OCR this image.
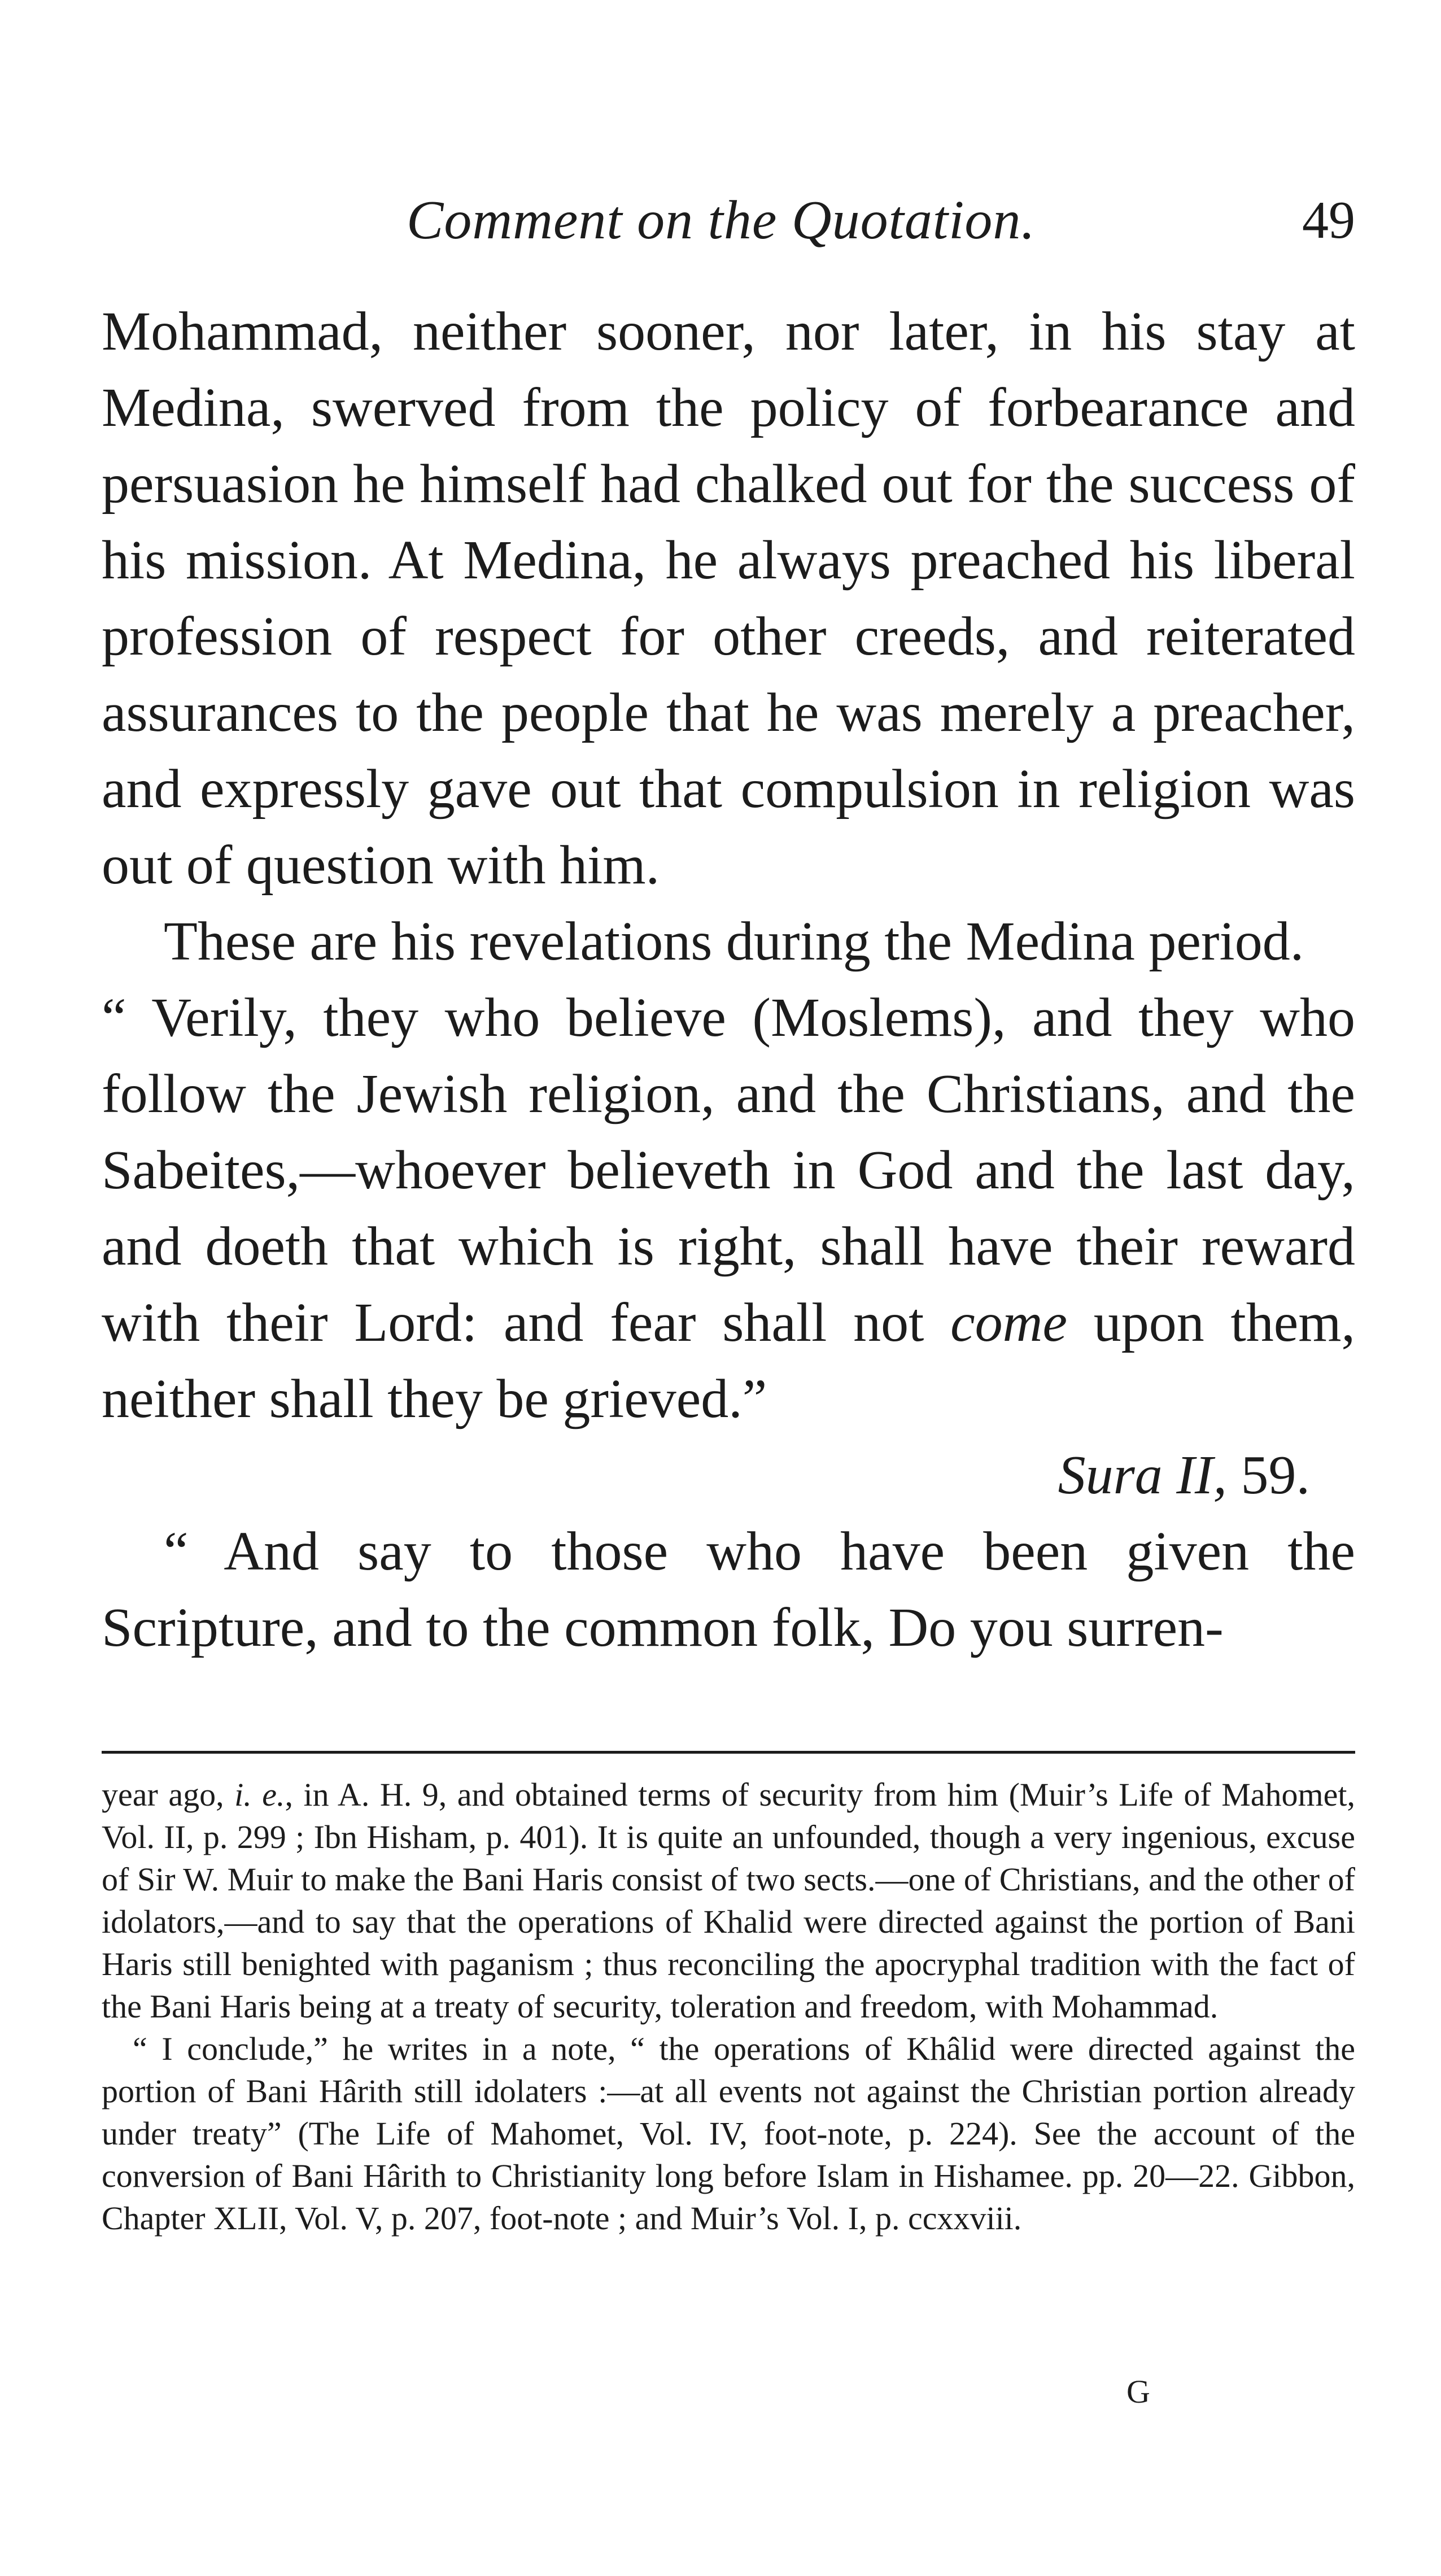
Comment on the Quotation.	49

Mohammad, neither sooner, nor later, in his stay at Medina, swerved from the policy of forbearance and persuasion he himself had chalked out for the success of his mission. At Medina, he always preached his liberal profession of respect for other creeds, and reiterated assurances to the people that he was merely a preacher, and expressly gave out that compulsion in religion was out of question with him.

These are his revelations during the Medina period.

“ Verily, they who believe (Moslems), and they who follow the Jewish religion, and the Christians, and the Sabeites,—whoever believeth in God and the last day, and doeth that which is right, shall have their reward with their Lord: and fear shall not come upon them, neither shall they be grieved.”

Sura II, 59.

“ And say to those who have been given the Scripture, and to the common folk, Do you surren-

year ago, i. e., in A. H. 9, and obtained terms of security from him (Muir’s Life of Mahomet, Vol. II, p. 299 ; Ibn Hisham, p. 401). It is quite an unfounded, though a very ingenious, excuse of Sir W. Muir to make the Bani Haris consist of two sects.—one of Christians, and the other of idolators,—and to say that the operations of Khalid were directed against the portion of Bani Haris still benighted with paganism ; thus reconciling the apocryphal tradition with the fact of the Bani Haris being at a treaty of security, toleration and freedom, with Mohammad.

“ I conclude,” he writes in a note, “ the operations of Khâlid were directed against the portion of Bani Hârith still idolaters :—at all events not against the Christian portion already under treaty” (The Life of Mahomet, Vol. IV, foot-note, p. 224). See the account of the conversion of Bani Hârith to Christianity long before Islam in Hishamee. pp. 20—22. Gibbon, Chapter XLII, Vol. V, p. 207, foot-note ; and Muir’s Vol. I, p. ccxxviii.

G
